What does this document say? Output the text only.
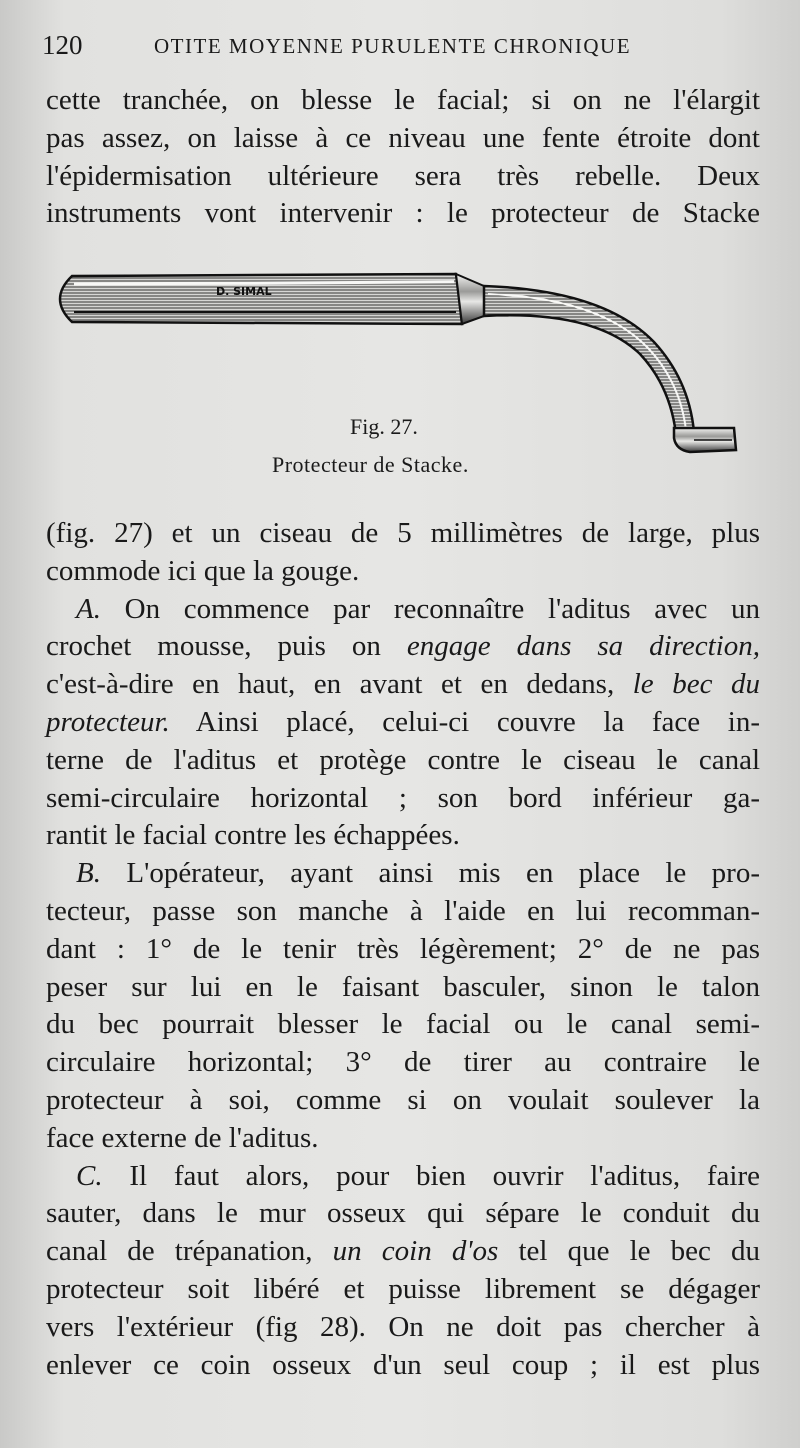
120	OTITE MOYENNE PURULENTE CHRONIQUE
cette tranchée, on blesse le facial; si on ne l'élargit
pas assez, on laisse à ce niveau une fente étroite dont
l'épidermisation ultérieure sera très rebelle. Deux
instruments vont intervenir : le protecteur de Stacke
D. SIMAL
Fig. 27.
Protecteur de Stacke.
(fig. 27) et un ciseau de 5 millimètres de large, plus
commode ici que la gouge.
A. On commence par reconnaître l'aditus avec un
crochet mousse, puis on engage dans sa direction,
c'est-à-dire en haut, en avant et en dedans, le bec du
protecteur. Ainsi placé, celui-ci couvre la face in-
terne de l'aditus et protège contre le ciseau le canal
semi-circulaire horizontal ; son bord inférieur ga-
rantit le facial contre les échappées.
B. L'opérateur, ayant ainsi mis en place le pro-
tecteur, passe son manche à l'aide en lui recomman-
dant : 1° de le tenir très légèrement; 2° de ne pas
peser sur lui en le faisant basculer, sinon le talon
du bec pourrait blesser le facial ou le canal semi-
circulaire horizontal; 3° de tirer au contraire le
protecteur à soi, comme si on voulait soulever la
face externe de l'aditus.
C. Il faut alors, pour bien ouvrir l'aditus, faire
sauter, dans le mur osseux qui sépare le conduit du
canal de trépanation, un coin d'os tel que le bec du
protecteur soit libéré et puisse librement se dégager
vers l'extérieur (fig 28). On ne doit pas chercher à
enlever ce coin osseux d'un seul coup ; il est plus
